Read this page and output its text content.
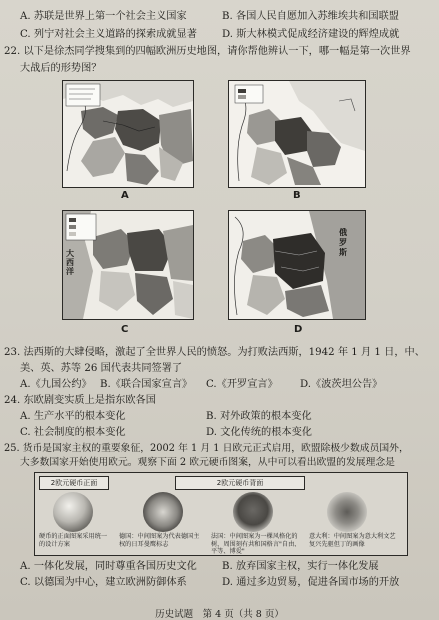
A. 苏联是世界上第一个社会主义国家	B. 各国人民自愿加入苏维埃共和国联盟
C. 列宁对社会主义道路的探索成就显著 D. 斯大林模式促成经济建设的辉煌成就
22. 以下是徐杰同学搜集到的四幅欧洲历史地图，请你帮他辨认一下，哪一幅是第一次世界
大战后的形势图？
A	B
大西洋
C
俄罗斯
D
23. 法西斯的大肆侵略，激起了全世界人民的愤怒。为打败法西斯，1942 年 1 月 1 日，中、
美、英、苏等 26 国代表共同签署了
A.《九国公约》 B.《联合国家宣言》 C.《开罗宣言》 D.《波茨坦公告》
24. 东欧剧变实质上是指东欧各国
A. 生产水平的根本变化	B. 对外政策的根本变化
C. 社会制度的根本变化	D. 文化传统的根本变化
25. 货币是国家主权的重要象征，2002 年 1 月 1 日欧元正式启用，欧盟除极少数成员国外，
大多数国家开始使用欧元。观察下面 2 欧元硬币图案，从中可以看出欧盟的发展理念是
2欧元硬币正面	2欧元硬币背面
硬币的正面图案采用统一的设计方案
德国：中间图案为代表德国主权的日耳曼鹰标志
法国：中间图案为一棵风格化的树，周围刻有共和国格言"自由、平等、博爱"
意大利：中间图案为意大利文艺复兴先驱但丁的画像
A. 一体化发展，同时尊重各国历史文化 B. 放弃国家主权，实行一体化发展
C. 以德国为中心，建立欧洲防御体系	D. 通过多边贸易，促进各国市场的开放
历史试题　第 4 页（共 8 页）
